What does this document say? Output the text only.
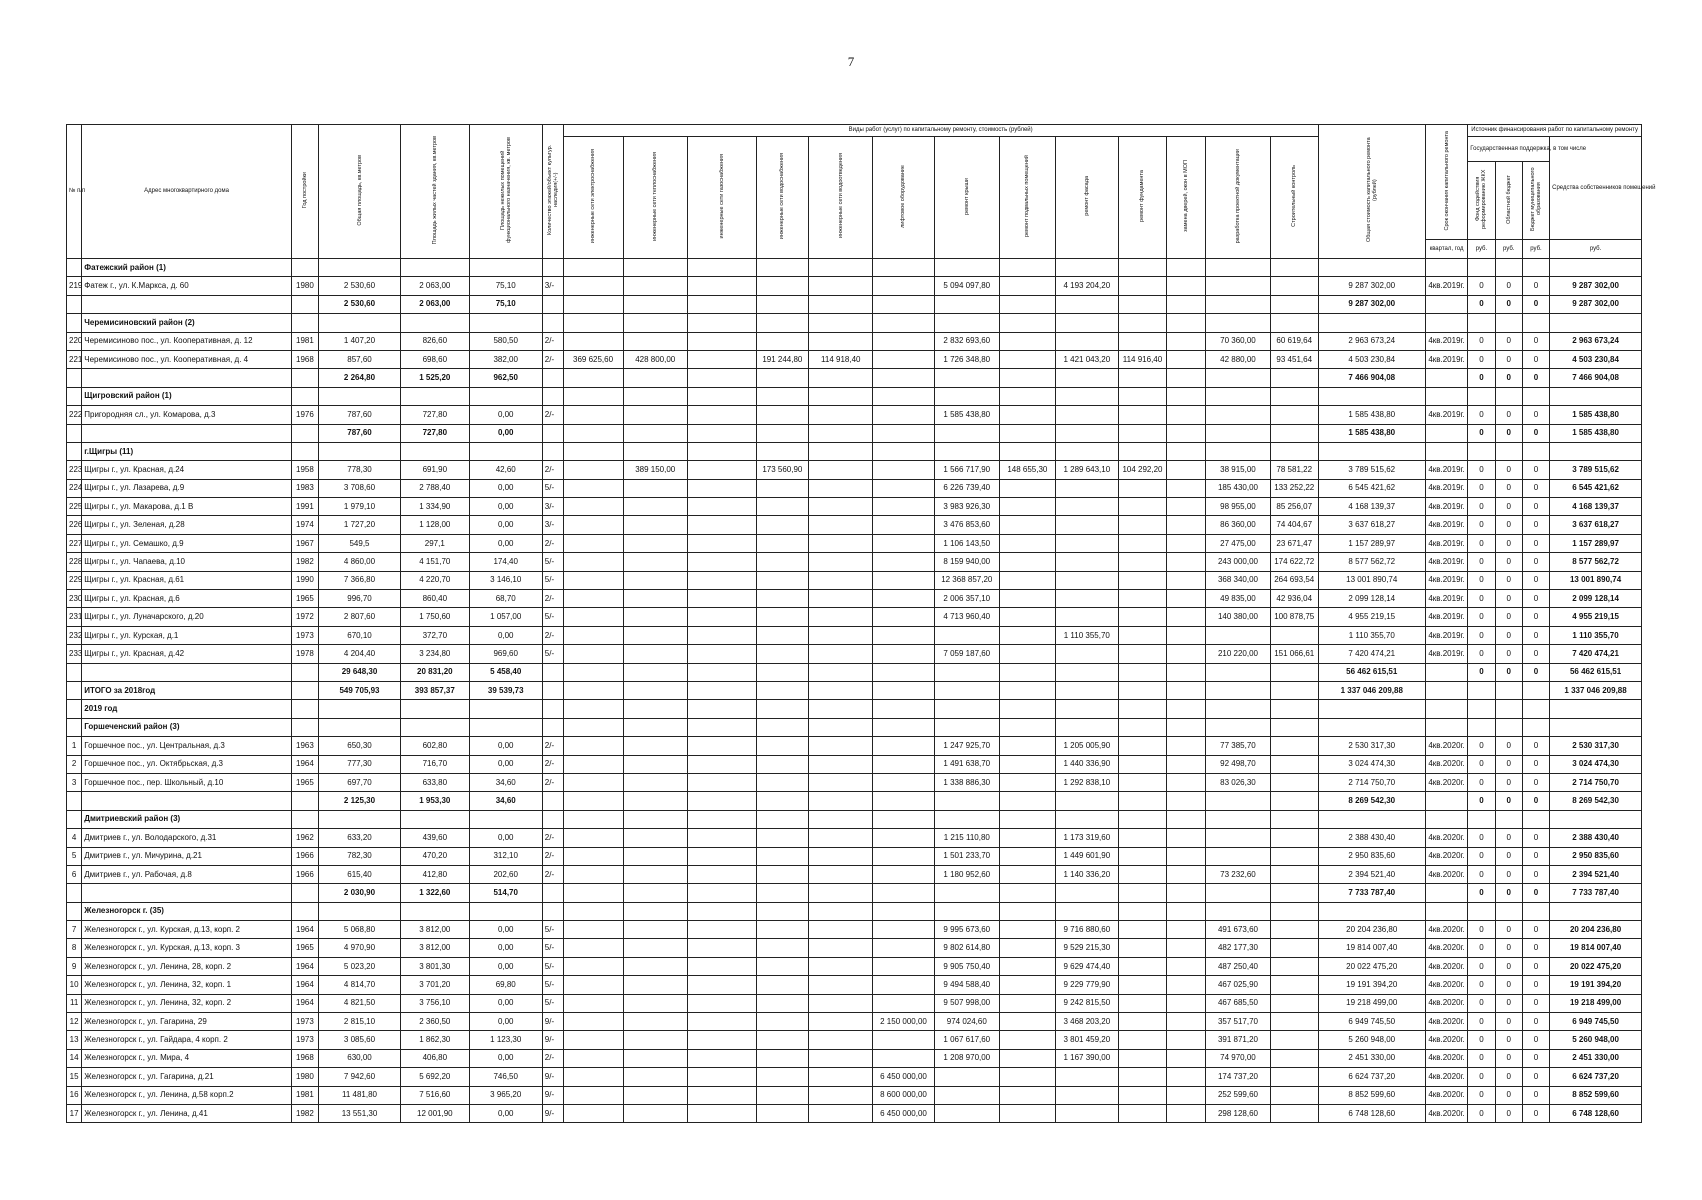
7
№ п/п	Адрес многоквартирного дома	Год постройки	Общая площадь, кв.метров	Площадь жилых частей здания, кв.метров	Площадь нежилых помещений функционального назначения, кв. метров	Количество этажей/объект культур. наследия(+/-)	Виды работ (услуг) по капитальному ремонту, стоимость (рублей)													Общая стоимость капитального ремонта (рублей)	Срок окончания капитального ремонта	Источник финансирования работ по капитальному ремонту			
							инженерные сети электроснабжения	инженерные сети теплоснабжения	инженерные сети газоснабжения	инженерные сети водоснабжения	инженерные сети водоотведения	лифтовое оборудование	ремонт крыши	ремонт подвальных помещений	ремонт фасада	ремонт фундамента	замена дверей, окон в МОП	разработка проектной документации	Строительный контроль			Государственная поддержка, в том числе			Средства собственников помещений
																						Фонд содействия реформированию ЖКХ	Областной бюджет	Бюджет муниципального образования	
																					квартал, год	руб.	руб.	руб.	руб.
	Фатежский район (1)																								
219	Фатеж г., ул. К.Маркса, д. 60	1980	2 530,60	2 063,00	75,10	3/-							5 094 097,80		4 193 204,20					9 287 302,00	4кв.2019г.	0	0	0	9 287 302,00
			2 530,60	2 063,00	75,10															9 287 302,00		0	0	0	9 287 302,00
	Черемисиновский район (2)																								
220	Черемисиново пос., ул. Кооперативная, д. 12	1981	1 407,20	826,60	580,50	2/-							2 832 693,60					70 360,00	60 619,64	2 963 673,24	4кв.2019г.	0	0	0	2 963 673,24
221	Черемисиново пос., ул. Кооперативная, д. 4	1968	857,60	698,60	382,00	2/-	369 625,60	428 800,00		191 244,80	114 918,40		1 726 348,80		1 421 043,20	114 916,40		42 880,00	93 451,64	4 503 230,84	4кв.2019г.	0	0	0	4 503 230,84
			2 264,80	1 525,20	962,50															7 466 904,08		0	0	0	7 466 904,08
	Щигровский район (1)																								
222	Пригородняя сл., ул. Комарова, д.3	1976	787,60	727,80	0,00	2/-							1 585 438,80							1 585 438,80	4кв.2019г.	0	0	0	1 585 438,80
			787,60	727,80	0,00															1 585 438,80		0	0	0	1 585 438,80
	г.Щигры (11)																								
223	Щигры г., ул. Красная, д.24	1958	778,30	691,90	42,60	2/-		389 150,00		173 560,90			1 566 717,90	148 655,30	1 289 643,10	104 292,20		38 915,00	78 581,22	3 789 515,62	4кв.2019г.	0	0	0	3 789 515,62
224	Щигры г., ул. Лазарева, д.9	1983	3 708,60	2 788,40	0,00	5/-							6 226 739,40					185 430,00	133 252,22	6 545 421,62	4кв.2019г.	0	0	0	6 545 421,62
225	Щигры г., ул. Макарова, д.1 В	1991	1 979,10	1 334,90	0,00	3/-							3 983 926,30					98 955,00	85 256,07	4 168 139,37	4кв.2019г.	0	0	0	4 168 139,37
226	Щигры г., ул. Зеленая, д.28	1974	1 727,20	1 128,00	0,00	3/-							3 476 853,60					86 360,00	74 404,67	3 637 618,27	4кв.2019г.	0	0	0	3 637 618,27
227	Щигры г., ул. Семашко, д.9	1967	549,5	297,1	0,00	2/-							1 106 143,50					27 475,00	23 671,47	1 157 289,97	4кв.2019г.	0	0	0	1 157 289,97
228	Щигры г., ул. Чапаева, д.10	1982	4 860,00	4 151,70	174,40	5/-							8 159 940,00					243 000,00	174 622,72	8 577 562,72	4кв.2019г.	0	0	0	8 577 562,72
229	Щигры г., ул. Красная, д.61	1990	7 366,80	4 220,70	3 146,10	5/-							12 368 857,20					368 340,00	264 693,54	13 001 890,74	4кв.2019г.	0	0	0	13 001 890,74
230	Щигры г., ул. Красная, д.6	1965	996,70	860,40	68,70	2/-							2 006 357,10					49 835,00	42 936,04	2 099 128,14	4кв.2019г.	0	0	0	2 099 128,14
231	Щигры г., ул. Луначарского, д.20	1972	2 807,60	1 750,60	1 057,00	5/-							4 713 960,40					140 380,00	100 878,75	4 955 219,15	4кв.2019г.	0	0	0	4 955 219,15
232	Щигры г., ул. Курская, д.1	1973	670,10	372,70	0,00	2/-									1 110 355,70					1 110 355,70	4кв.2019г.	0	0	0	1 110 355,70
233	Щигры г., ул. Красная, д.42	1978	4 204,40	3 234,80	969,60	5/-							7 059 187,60					210 220,00	151 066,61	7 420 474,21	4кв.2019г.	0	0	0	7 420 474,21
			29 648,30	20 831,20	5 458,40															56 462 615,51		0	0	0	56 462 615,51
	ИТОГО за 2018год		549 705,93	393 857,37	39 539,73															1 337 046 209,88					1 337 046 209,88
	2019 год																								
	Горшеченский район (3)																								
1	Горшечное пос., ул. Центральная, д.3	1963	650,30	602,80	0,00	2/-							1 247 925,70		1 205 005,90			77 385,70		2 530 317,30	4кв.2020г.	0	0	0	2 530 317,30
2	Горшечное пос., ул. Октябрьская, д.3	1964	777,30	716,70	0,00	2/-							1 491 638,70		1 440 336,90			92 498,70		3 024 474,30	4кв.2020г.	0	0	0	3 024 474,30
3	Горшечное пос., пер. Школьный, д.10	1965	697,70	633,80	34,60	2/-							1 338 886,30		1 292 838,10			83 026,30		2 714 750,70	4кв.2020г.	0	0	0	2 714 750,70
			2 125,30	1 953,30	34,60															8 269 542,30		0	0	0	8 269 542,30
	Дмитриевский район (3)																								
4	Дмитриев г., ул. Володарского, д.31	1962	633,20	439,60	0,00	2/-							1 215 110,80		1 173 319,60					2 388 430,40	4кв.2020г.	0	0	0	2 388 430,40
5	Дмитриев г., ул. Мичурина, д.21	1966	782,30	470,20	312,10	2/-							1 501 233,70		1 449 601,90					2 950 835,60	4кв.2020г.	0	0	0	2 950 835,60
6	Дмитриев г., ул. Рабочая, д.8	1966	615,40	412,80	202,60	2/-							1 180 952,60		1 140 336,20			73 232,60		2 394 521,40	4кв.2020г.	0	0	0	2 394 521,40
			2 030,90	1 322,60	514,70															7 733 787,40		0	0	0	7 733 787,40
	Железногорск г. (35)																								
7	Железногорск г., ул. Курская, д.13, корп. 2	1964	5 068,80	3 812,00	0,00	5/-							9 995 673,60		9 716 880,60			491 673,60		20 204 236,80	4кв.2020г.	0	0	0	20 204 236,80
8	Железногорск г., ул. Курская, д.13, корп. 3	1965	4 970,90	3 812,00	0,00	5/-							9 802 614,80		9 529 215,30			482 177,30		19 814 007,40	4кв.2020г.	0	0	0	19 814 007,40
9	Железногорск г., ул. Ленина, 28, корп. 2	1964	5 023,20	3 801,30	0,00	5/-							9 905 750,40		9 629 474,40			487 250,40		20 022 475,20	4кв.2020г.	0	0	0	20 022 475,20
10	Железногорск г., ул. Ленина, 32, корп. 1	1964	4 814,70	3 701,20	69,80	5/-							9 494 588,40		9 229 779,90			467 025,90		19 191 394,20	4кв.2020г.	0	0	0	19 191 394,20
11	Железногорск г., ул. Ленина, 32, корп. 2	1964	4 821,50	3 756,10	0,00	5/-							9 507 998,00		9 242 815,50			467 685,50		19 218 499,00	4кв.2020г.	0	0	0	19 218 499,00
12	Железногорск г., ул. Гагарина, 29	1973	2 815,10	2 360,50	0,00	9/-						2 150 000,00	974 024,60		3 468 203,20			357 517,70		6 949 745,50	4кв.2020г.	0	0	0	6 949 745,50
13	Железногорск г., ул. Гайдара, 4 корп. 2	1973	3 085,60	1 862,30	1 123,30	9/-							1 067 617,60		3 801 459,20			391 871,20		5 260 948,00	4кв.2020г.	0	0	0	5 260 948,00
14	Железногорск г., ул. Мира, 4	1968	630,00	406,80	0,00	2/-							1 208 970,00		1 167 390,00			74 970,00		2 451 330,00	4кв.2020г.	0	0	0	2 451 330,00
15	Железногорск г., ул. Гагарина, д.21	1980	7 942,60	5 692,20	746,50	9/-						6 450 000,00						174 737,20		6 624 737,20	4кв.2020г.	0	0	0	6 624 737,20
16	Железногорск г., ул. Ленина, д.58 корп.2	1981	11 481,80	7 516,60	3 965,20	9/-						8 600 000,00						252 599,60		8 852 599,60	4кв.2020г.	0	0	0	8 852 599,60
17	Железногорск г., ул. Ленина, д.41	1982	13 551,30	12 001,90	0,00	9/-						6 450 000,00						298 128,60		6 748 128,60	4кв.2020г.	0	0	0	6 748 128,60
